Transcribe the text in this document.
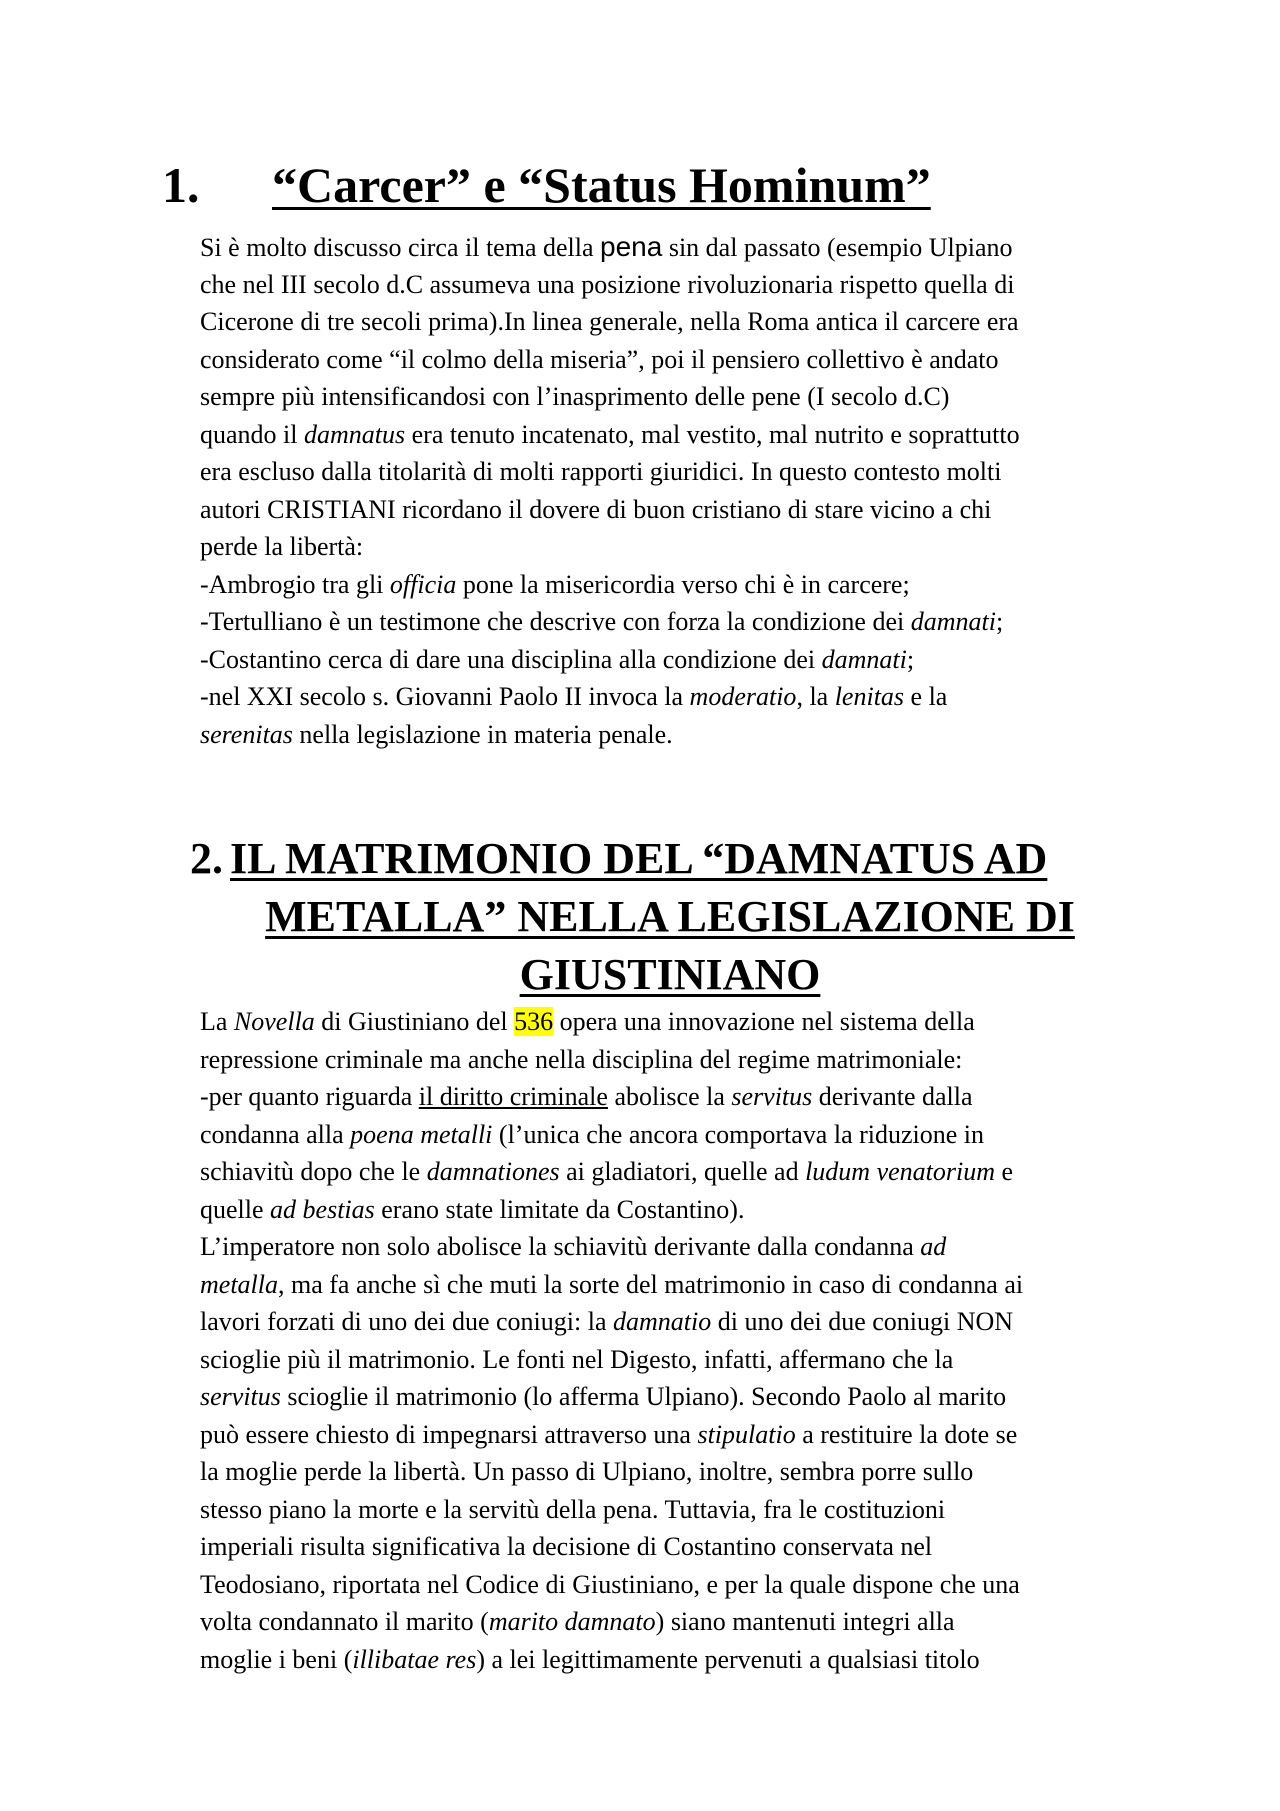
1. “Carcer” e “Status Hominum”
Si è molto discusso circa il tema della pena sin dal passato (esempio Ulpiano
che nel III secolo d.C assumeva una posizione rivoluzionaria rispetto quella di
Cicerone di tre secoli prima).In linea generale, nella Roma antica il carcere era
considerato come “il colmo della miseria”, poi il pensiero collettivo è andato
sempre più intensificandosi con l’inasprimento delle pene (I secolo d.C)
quando il damnatus era tenuto incatenato, mal vestito, mal nutrito e soprattutto
era escluso dalla titolarità di molti rapporti giuridici. In questo contesto molti
autori CRISTIANI ricordano il dovere di buon cristiano di stare vicino a chi
perde la libertà:
-Ambrogio tra gli officia pone la misericordia verso chi è in carcere;
-Tertulliano è un testimone che descrive con forza la condizione dei damnati;
-Costantino cerca di dare una disciplina alla condizione dei damnati;
-nel XXI secolo s. Giovanni Paolo II invoca la moderatio, la lenitas e la
serenitas nella legislazione in materia penale.
2. IL MATRIMONIO DEL “DAMNATUS AD
METALLA” NELLA LEGISLAZIONE DI
GIUSTINIANO
La Novella di Giustiniano del 536 opera una innovazione nel sistema della
repressione criminale ma anche nella disciplina del regime matrimoniale:
-per quanto riguarda il diritto criminale abolisce la servitus derivante dalla
condanna alla poena metalli (l’unica che ancora comportava la riduzione in
schiavitù dopo che le damnationes ai gladiatori, quelle ad ludum venatorium e
quelle ad bestias erano state limitate da Costantino).
L’imperatore non solo abolisce la schiavitù derivante dalla condanna ad
metalla, ma fa anche sì che muti la sorte del matrimonio in caso di condanna ai
lavori forzati di uno dei due coniugi: la damnatio di uno dei due coniugi NON
scioglie più il matrimonio. Le fonti nel Digesto, infatti, affermano che la
servitus scioglie il matrimonio (lo afferma Ulpiano). Secondo Paolo al marito
può essere chiesto di impegnarsi attraverso una stipulatio a restituire la dote se
la moglie perde la libertà. Un passo di Ulpiano, inoltre, sembra porre sullo
stesso piano la morte e la servitù della pena. Tuttavia, fra le costituzioni
imperiali risulta significativa la decisione di Costantino conservata nel
Teodosiano, riportata nel Codice di Giustiniano, e per la quale dispone che una
volta condannato il marito (marito damnato) siano mantenuti integri alla
moglie i beni (illibatae res) a lei legittimamente pervenuti a qualsiasi titolo
